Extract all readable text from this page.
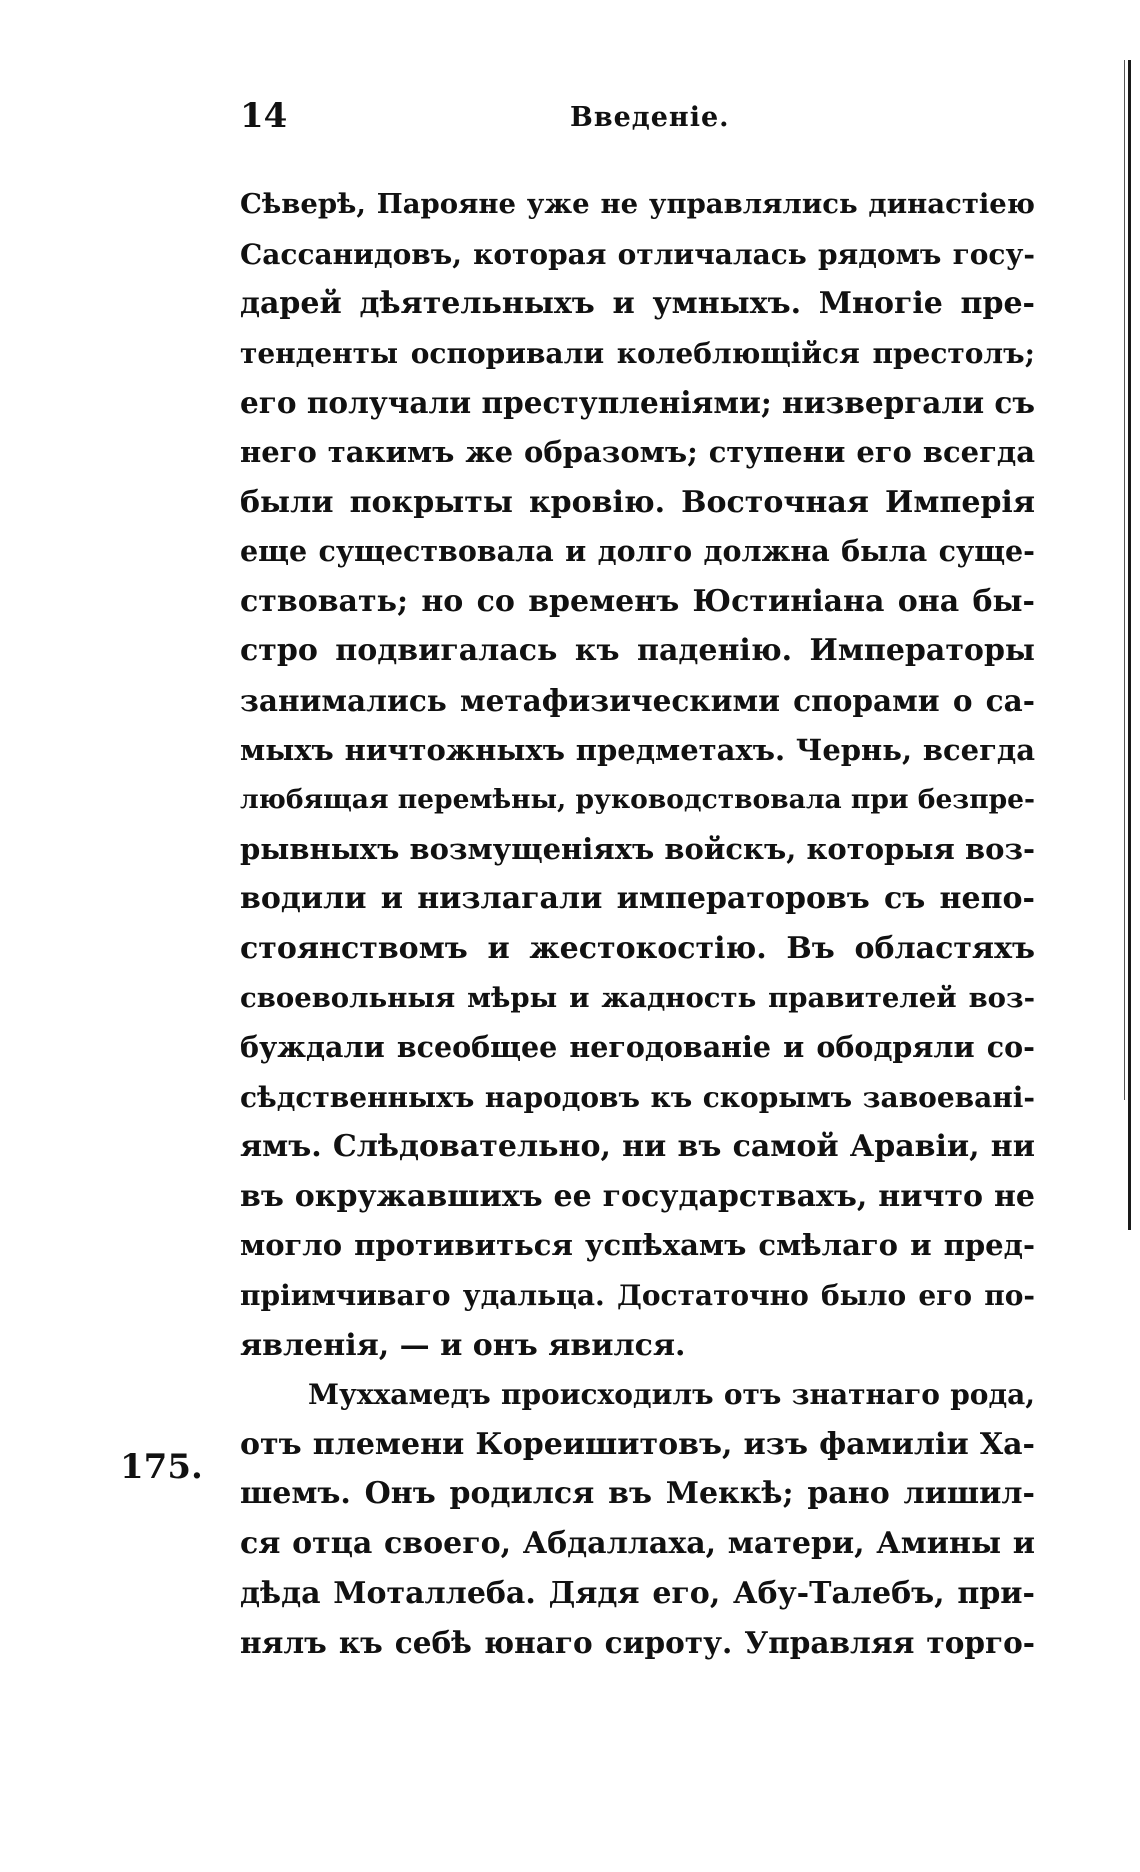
14	Введеніе.
175.
Сѣверѣ, Парояне уже не управлялись династіею
Сассанидовъ, которая отличалась рядомъ госу-
дарей дѣятельныхъ и умныхъ. Многіе пре-
тенденты оспоривали колеблющійся престолъ;
его получали преступленіями; низвергали съ
него такимъ же образомъ; ступени его всегда
были покрыты кровію. Восточная Имперія
еще существовала и долго должна была суще-
ствовать; но со временъ Юстиніана она бы-
стро подвигалась къ паденію. Императоры
занимались метафизическими спорами о са-
мыхъ ничтожныхъ предметахъ. Чернь, всегда
любящая перемѣны, руководствовала при безпре-
рывныхъ возмущеніяхъ войскъ, которыя воз-
водили и низлагали императоровъ съ непо-
стоянствомъ и жестокостію. Въ областяхъ
своевольныя мѣры и жадность правителей воз-
буждали всеобщее негодованіе и ободряли со-
сѣдственныхъ народовъ къ скорымъ завоевані-
ямъ. Слѣдовательно, ни въ самой Аравіи, ни
въ окружавшихъ ее государствахъ, ничто не
могло противиться успѣхамъ смѣлаго и пред-
пріимчиваго удальца. Достаточно было его по-
явленія, — и онъ явился.
Муххамедъ происходилъ отъ знатнаго рода,
отъ племени Кореишитовъ, изъ фамиліи Ха-
шемъ. Онъ родился въ Меккѣ; рано лишил-
ся отца своего, Абдаллаха, матери, Амины и
дѣда Моталлеба. Дядя его, Абу-Талебъ, при-
нялъ къ себѣ юнаго сироту. Управляя торго-
